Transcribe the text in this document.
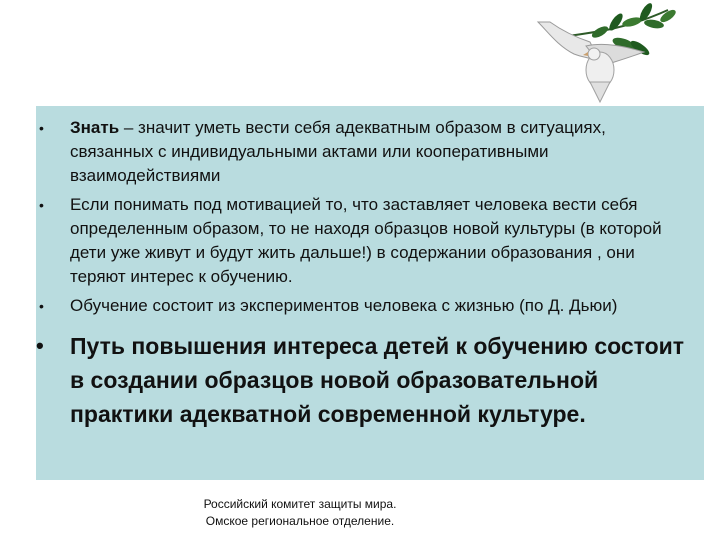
• Знать – значит уметь вести себя адекватным образом в ситуациях, связанных с индивидуальными актами или кооперативными взаимодействиями
• Если понимать под мотивацией то, что заставляет человека вести себя определенным образом, то не находя образцов новой культуры (в которой дети уже живут и будут жить дальше!) в содержании образования , они теряют интерес к обучению.
• Обучение состоит из экспериментов человека с жизнью (по Д. Дьюи)
• Путь повышения интереса детей к обучению состоит в создании образцов новой образовательной практики адекватной современной культуре.
Российский комитет защиты мира.
Омское региональное отделение.
